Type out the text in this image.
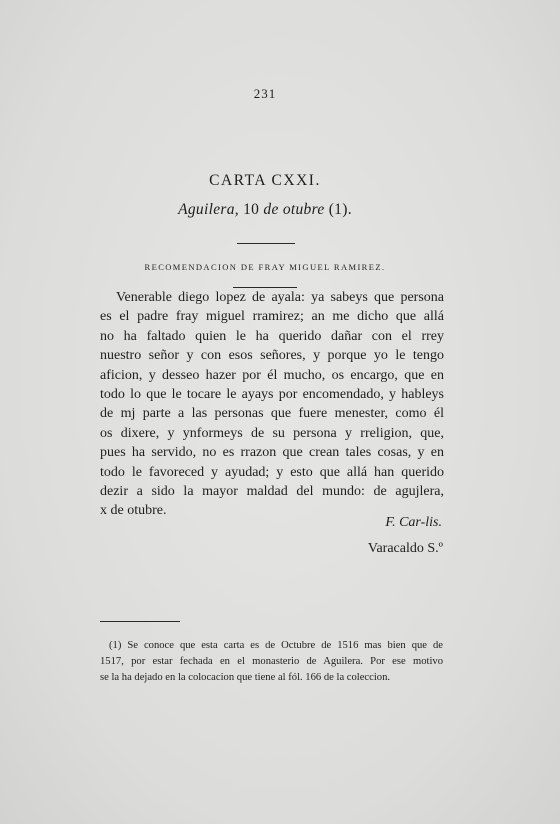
231
CARTA CXXI.
Aguilera, 10 de otubre (1).
RECOMENDACION DE FRAY MIGUEL RAMIREZ.
Venerable diego lopez de ayala: ya sabeys que persona
es el padre fray miguel rramirez; an me dicho que allá
no ha faltado quien le ha querido dañar con el rrey
nuestro señor y con esos señores, y porque yo le tengo
aficion, y desseo hazer por él mucho, os encargo, que en
todo lo que le tocare le ayays por encomendado, y hableys
de mj parte a las personas que fuere menester, como él
os dixere, y ynformeys de su persona y rreligion, que,
pues ha servido, no es rrazon que crean tales cosas, y en
todo le favoreced y ayudad; y esto que allá han querido
dezir a sido la mayor maldad del mundo: de agujlera,
x de otubre.
F. Car-lis.
Varacaldo S.º
(1) Se conoce que esta carta es de Octubre de 1516 mas bien que de
1517, por estar fechada en el monasterio de Aguilera. Por ese motivo
se la ha dejado en la colocacion que tiene al fól. 166 de la coleccion.
